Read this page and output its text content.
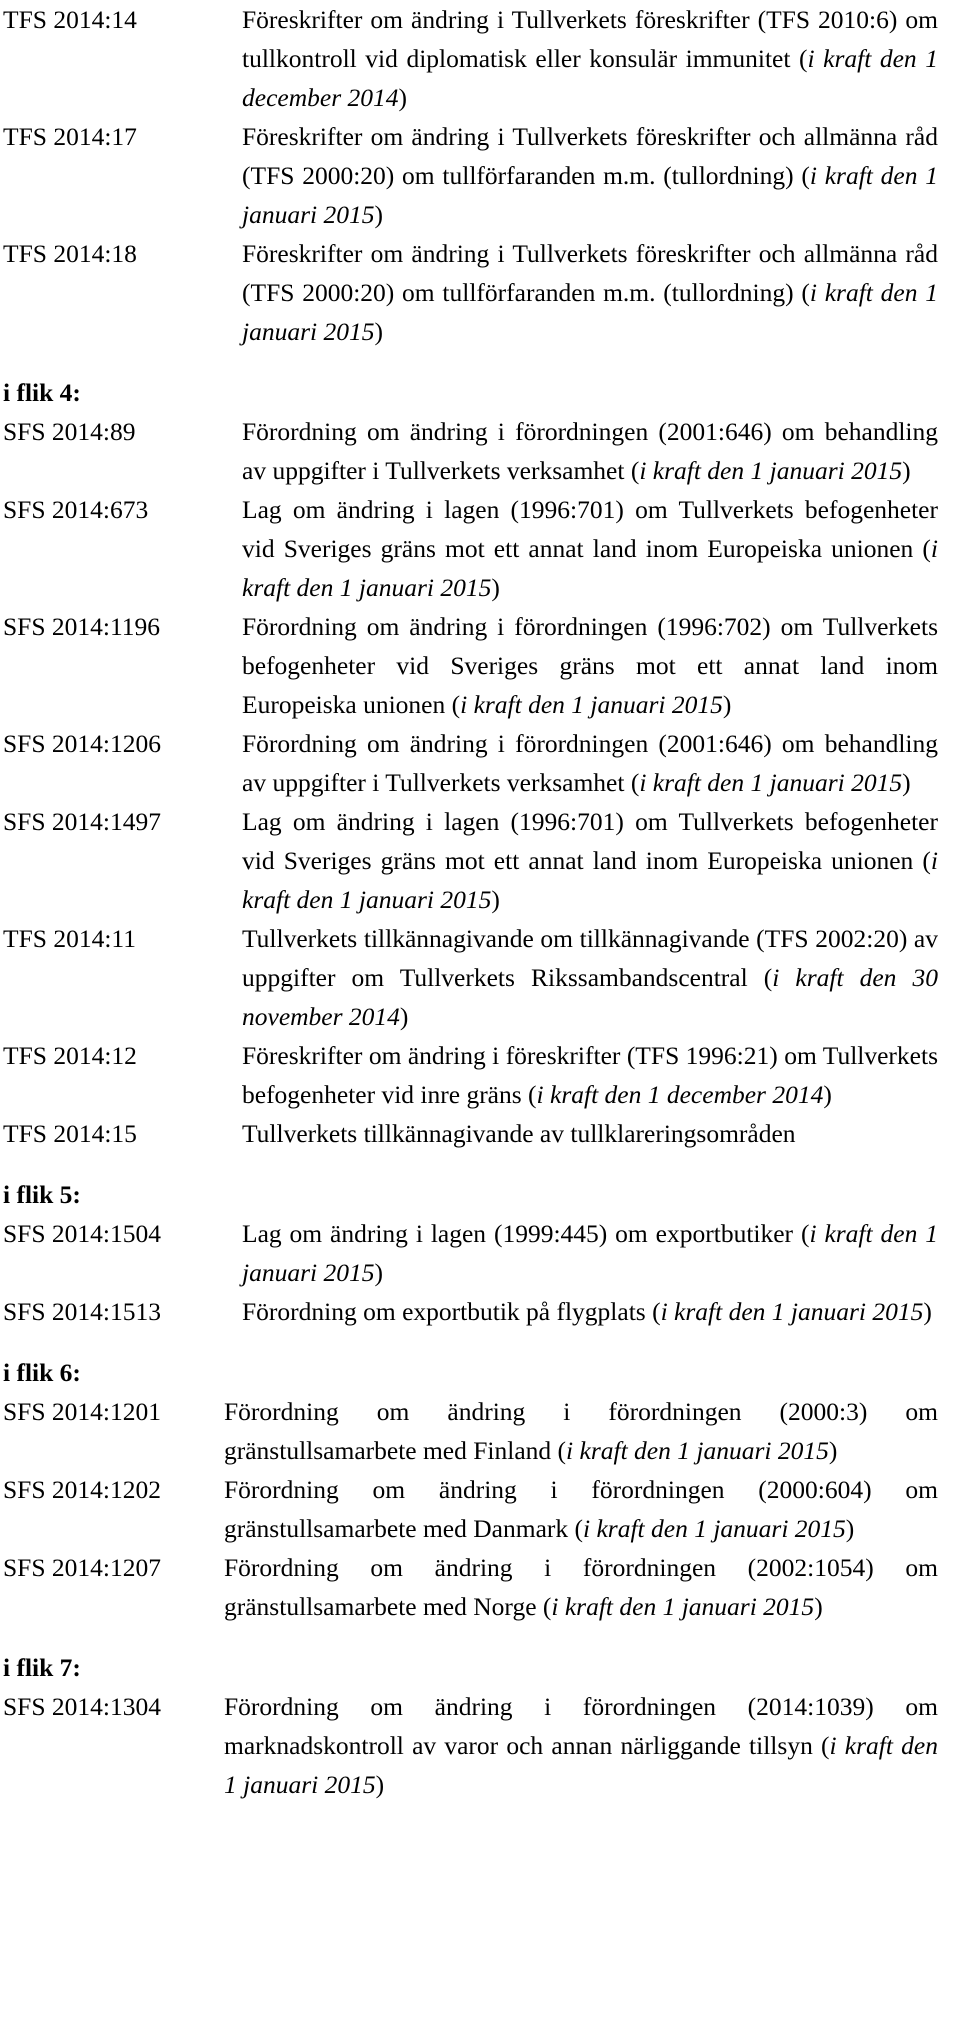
TFS 2014:14	Föreskrifter om ändring i Tullverkets föreskrifter (TFS 2010:6) om tullkontroll vid diplomatisk eller konsulär immunitet (i kraft den 1 december 2014)
TFS 2014:17	Föreskrifter om ändring i Tullverkets föreskrifter och allmänna råd (TFS 2000:20) om tullförfaranden m.m. (tullordning) (i kraft den 1 januari 2015)
TFS 2014:18	Föreskrifter om ändring i Tullverkets föreskrifter och allmänna råd (TFS 2000:20) om tullförfaranden m.m. (tullordning) (i kraft den 1 januari 2015)
i flik 4:
SFS 2014:89	Förordning om ändring i förordningen (2001:646) om behandling av uppgifter i Tullverkets verksamhet (i kraft den 1 januari 2015)
SFS 2014:673	Lag om ändring i lagen (1996:701) om Tullverkets befogenheter vid Sveriges gräns mot ett annat land inom Europeiska unionen (i kraft den 1 januari 2015)
SFS 2014:1196	Förordning om ändring i förordningen (1996:702) om Tullverkets befogenheter vid Sveriges gräns mot ett annat land inom Europeiska unionen (i kraft den 1 januari 2015)
SFS 2014:1206	Förordning om ändring i förordningen (2001:646) om behandling av uppgifter i Tullverkets verksamhet (i kraft den 1 januari 2015)
SFS 2014:1497	Lag om ändring i lagen (1996:701) om Tullverkets befogenheter vid Sveriges gräns mot ett annat land inom Europeiska unionen (i kraft den 1 januari 2015)
TFS 2014:11	Tullverkets tillkännagivande om tillkännagivande (TFS 2002:20) av uppgifter om Tullverkets Rikssambandscentral (i kraft den 30 november 2014)
TFS 2014:12	Föreskrifter om ändring i föreskrifter (TFS 1996:21) om Tullverkets befogenheter vid inre gräns (i kraft den 1 december 2014)
TFS 2014:15	Tullverkets tillkännagivande av tullklareringsområden
i flik 5:
SFS 2014:1504	Lag om ändring i lagen (1999:445) om exportbutiker (i kraft den 1 januari 2015)
SFS 2014:1513	Förordning om exportbutik på flygplats (i kraft den 1 januari 2015)
i flik 6:
SFS 2014:1201	Förordning om ändring i förordningen (2000:3) om gränstullsamarbete med Finland (i kraft den 1 januari 2015)
SFS 2014:1202	Förordning om ändring i förordningen (2000:604) om gränstullsamarbete med Danmark (i kraft den 1 januari 2015)
SFS 2014:1207	Förordning om ändring i förordningen (2002:1054) om gränstullsamarbete med Norge (i kraft den 1 januari 2015)
i flik 7:
SFS 2014:1304	Förordning om ändring i förordningen (2014:1039) om marknadskontroll av varor och annan närliggande tillsyn (i kraft den 1 januari 2015)
